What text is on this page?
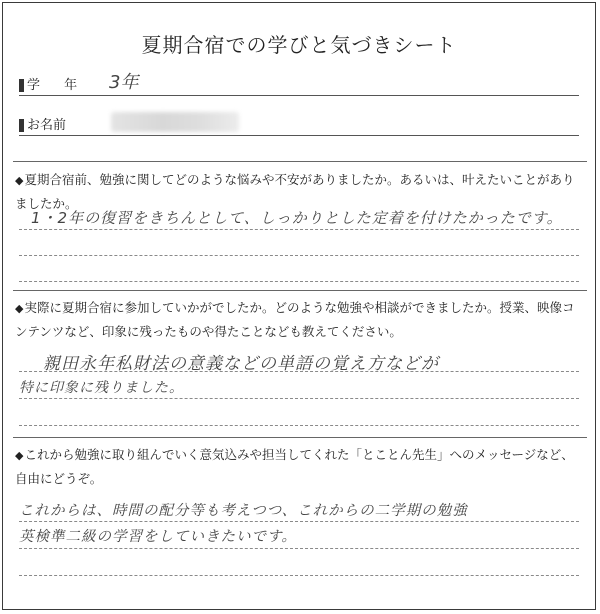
夏期合宿での学びと気づきシート
学 年 3年
お名前
◆夏期合宿前、勉強に関してどのような悩みや不安がありましたか。あるいは、叶えたいことがありましたか。
1・2年の復習をきちんとして、しっかりとした定着を付けたかったです。
◆実際に夏期合宿に参加していかがでしたか。どのような勉強や相談ができましたか。授業、映像コンテンツなど、印象に残ったものや得たことなども教えてください。
親田永年私財法の意義などの単語の覚え方などが
特に印象に残りました。
◆これから勉強に取り組んでいく意気込みや担当してくれた「とことん先生」へのメッセージなど、自由にどうぞ。
これからは、時間の配分等も考えつつ、これからの二学期の勉強
英検準二級の学習をしていきたいです。
